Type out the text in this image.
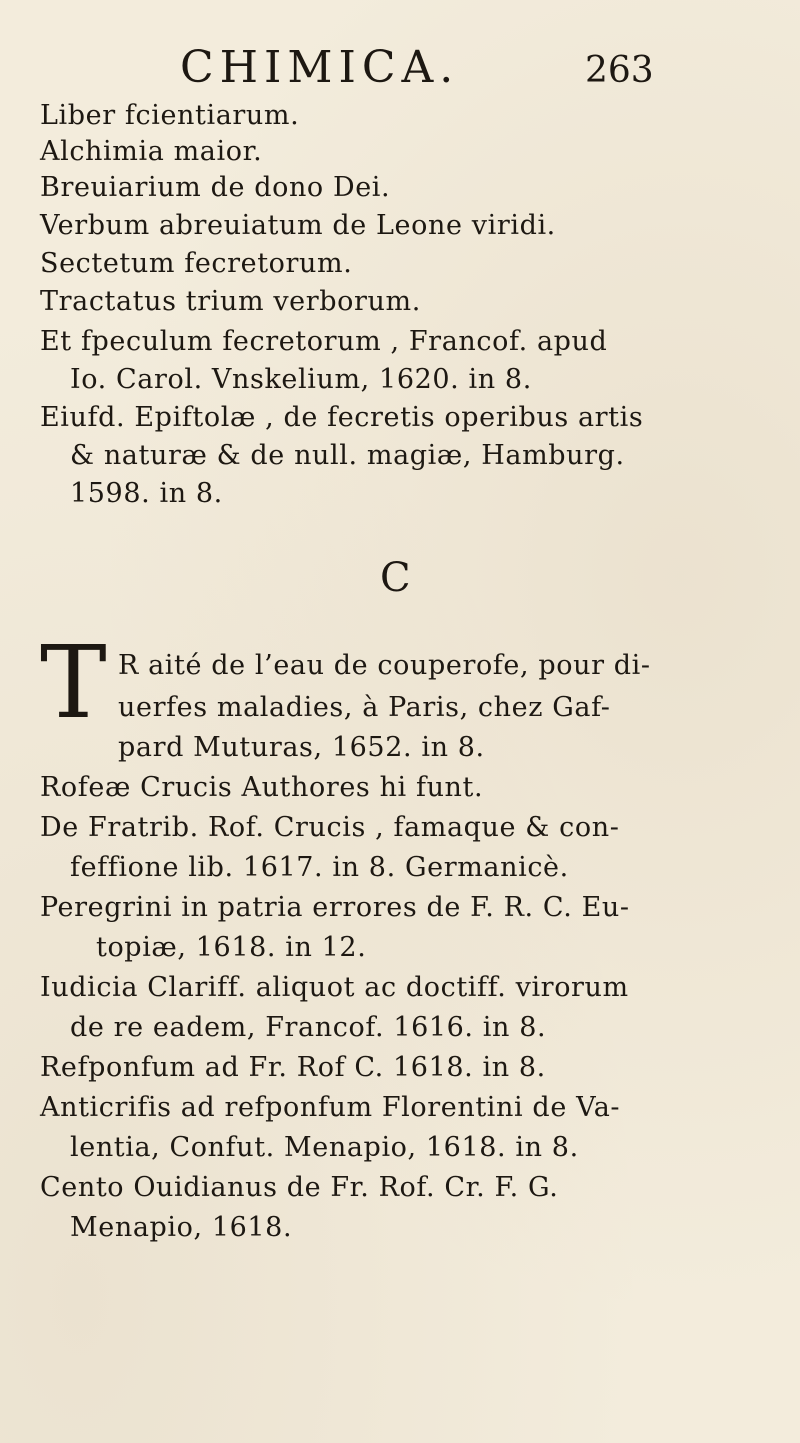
CHIMICA.	263
Liber fcientiarum.
Alchimia maior.
Breuiarium de dono Dei.
Verbum abreuiatum de Leone viridi.
Sectetum fecretorum.
Tractatus trium verborum.
Et fpeculum fecretorum , Francof. apud
Io. Carol. Vnskelium, 1620. in 8.
Eiufd. Epiftolæ , de fecretis operibus artis
& naturæ & de null. magiæ, Hamburg.
1598. in 8.
C
T R aité de l’eau de couperofe, pour di-
uerfes maladies, à Paris, chez Gaf-
pard Muturas, 1652. in 8.
Rofeæ Crucis Authores hi funt.
De Fratrib. Rof. Crucis , famaque & con-
feffione lib. 1617. in 8. Germanicè.
Peregrini in patria errores de F. R. C. Eu-
topiæ, 1618. in 12.
Iudicia Clariff. aliquot ac doctiff. virorum
de re eadem, Francof. 1616. in 8.
Refponfum ad Fr. Rof C. 1618. in 8.
Anticrifis ad refponfum Florentini de Va-
lentia, Confut. Menapio, 1618. in 8.
Cento Ouidianus de Fr. Rof. Cr. F. G.
Menapio, 1618.
